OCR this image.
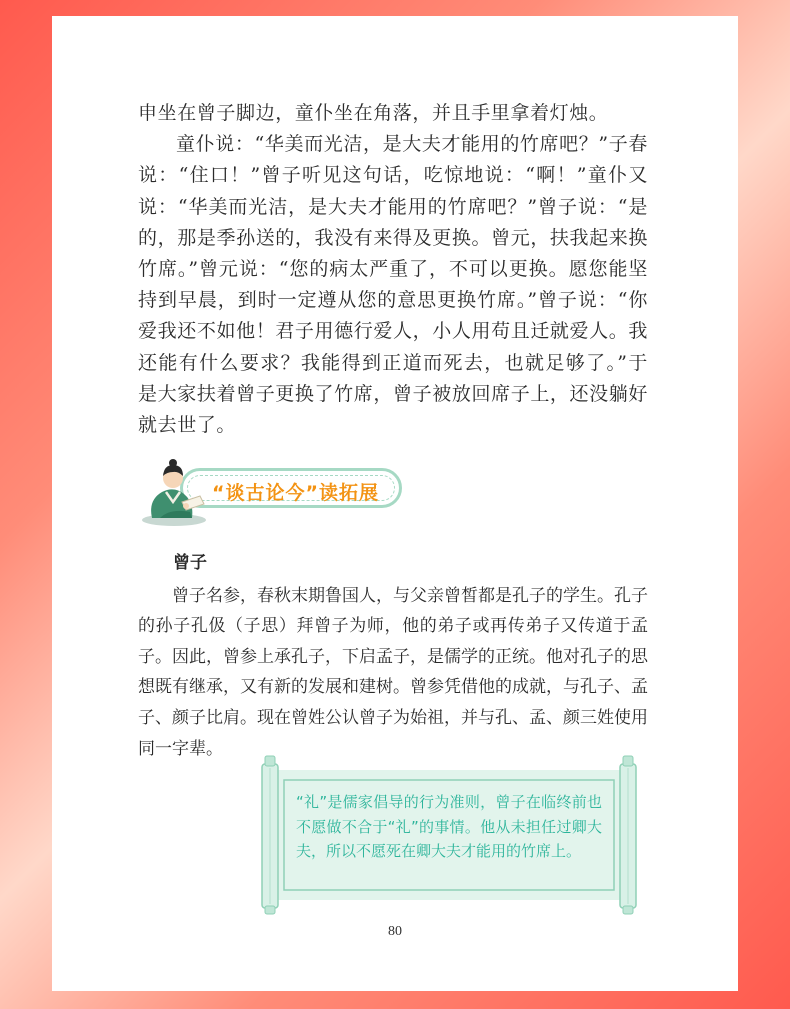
申坐在曾子脚边，童仆坐在角落，并且手里拿着灯烛。

童仆说：“华美而光洁，是大夫才能用的竹席吧？”子春说：“住口！”曾子听见这句话，吃惊地说：“啊！”童仆又说：“华美而光洁，是大夫才能用的竹席吧？”曾子说：“是的，那是季孙送的，我没有来得及更换。曾元，扶我起来换竹席。”曾元说：“您的病太严重了，不可以更换。愿您能坚持到早晨，到时一定遵从您的意思更换竹席。”曾子说：“你爱我还不如他！君子用德行爱人，小人用苟且迁就爱人。我还能有什么要求？我能得到正道而死去，也就足够了。”于是大家扶着曾子更换了竹席，曾子被放回席子上，还没躺好就去世了。

“谈古论今”读拓展
曾子

曾子名参，春秋末期鲁国人，与父亲曾皙都是孔子的学生。孔子的孙子孔伋（子思）拜曾子为师，他的弟子或再传弟子又传道于孟子。因此，曾参上承孔子，下启孟子，是儒学的正统。他对孔子的思想既有继承，又有新的发展和建树。曾参凭借他的成就，与孔子、孟子、颜子比肩。现在曾姓公认曾子为始祖，并与孔、孟、颜三姓使用同一字辈。

“礼”是儒家倡导的行为准则，曾子在临终前也不愿做不合于“礼”的事情。他从未担任过卿大夫，所以不愿死在卿大夫才能用的竹席上。
80
